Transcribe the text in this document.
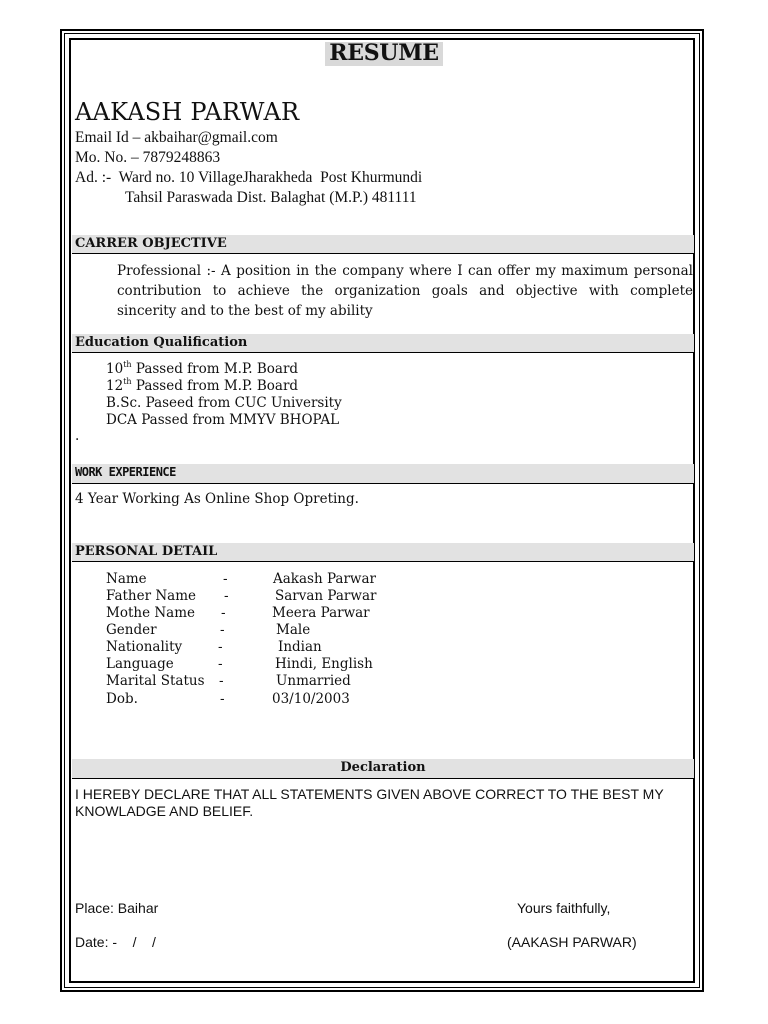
RESUME
AAKASH PARWAR
Email Id – akbaihar@gmail.com
Mo. No. – 7879248863
Ad. :-  Ward no. 10 VillageJharakheda  Post Khurmundi
Tahsil Paraswada Dist. Balaghat (M.P.) 481111
CARRER OBJECTIVE
Professional :- A position in the company where I can offer my maximum personal contribution to achieve the organization goals and objective with complete sincerity and to the best of my ability
Education Qualification
10th Passed from M.P. Board
12th Passed from M.P. Board
B.Sc. Paseed from CUC University
DCA Passed from MMYV BHOPAL
.
WORK EXPERIENCE
4 Year Working As Online Shop Opreting.
PERSONAL DETAIL
Name	-	Aakash Parwar
Father Name -	Sarvan Parwar
Mothe Name -	Meera Parwar
Gender	-	Male
Nationality	-	Indian
Language	-	Hindi, English
Marital Status -	Unmarried
Dob.	-	03/10/2003
Declaration
I HEREBY DECLARE THAT ALL STATEMENTS GIVEN ABOVE CORRECT TO THE BEST MY KNOWLADGE AND BELIEF.
Place: Baihar
Date: -    /    /
Yours faithfully,
(AAKASH PARWAR)
